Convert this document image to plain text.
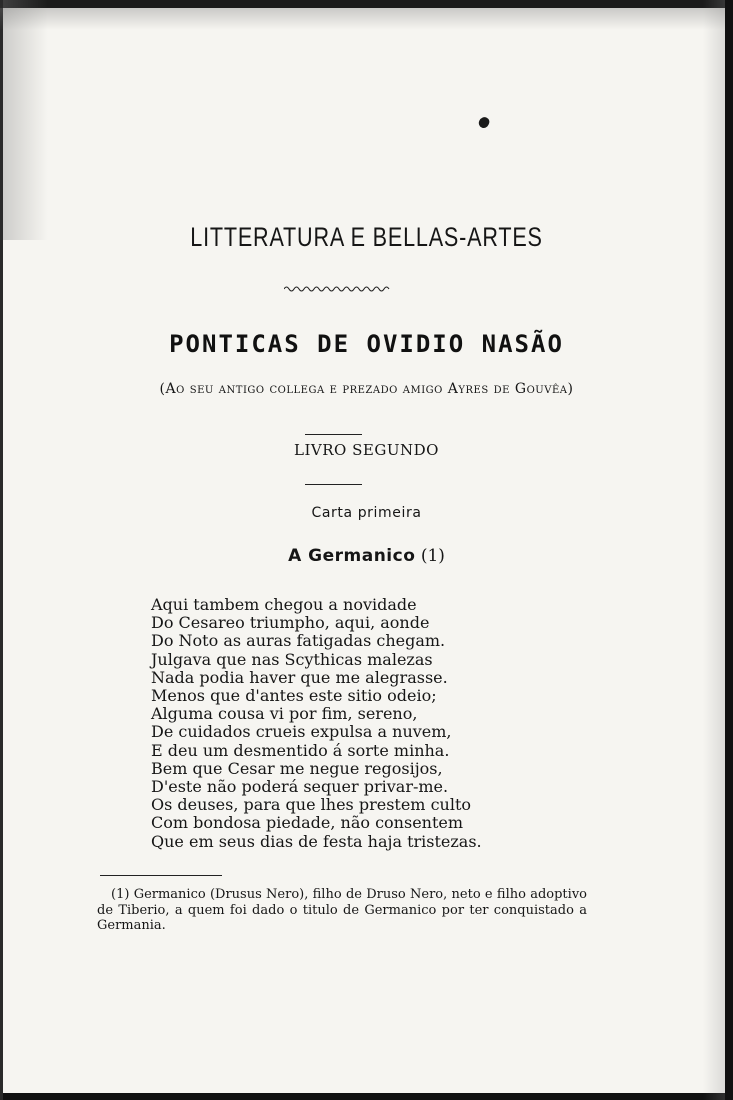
LITTERATURA E BELLAS-ARTES
PONTICAS DE OVIDIO NASÃO
(Ao seu antigo collega e prezado amigo Ayres de Gouvêa)
LIVRO SEGUNDO
Carta primeira
A Germanico (1)
Aqui tambem chegou a novidade
Do Cesareo triumpho, aqui, aonde
Do Noto as auras fatigadas chegam.
Julgava que nas Scythicas malezas
Nada podia haver que me alegrasse.
Menos que d'antes este sitio odeio;
Alguma cousa vi por fim, sereno,
De cuidados crueis expulsa a nuvem,
E deu um desmentido á sorte minha.
Bem que Cesar me negue regosijos,
D'este não poderá sequer privar-me.
Os deuses, para que lhes prestem culto
Com bondosa piedade, não consentem
Que em seus dias de festa haja tristezas.
(1) Germanico (Drusus Nero), filho de Druso Nero, neto e filho adoptivo de Tiberio, a quem foi dado o titulo de Germanico por ter conquistado a Germania.
